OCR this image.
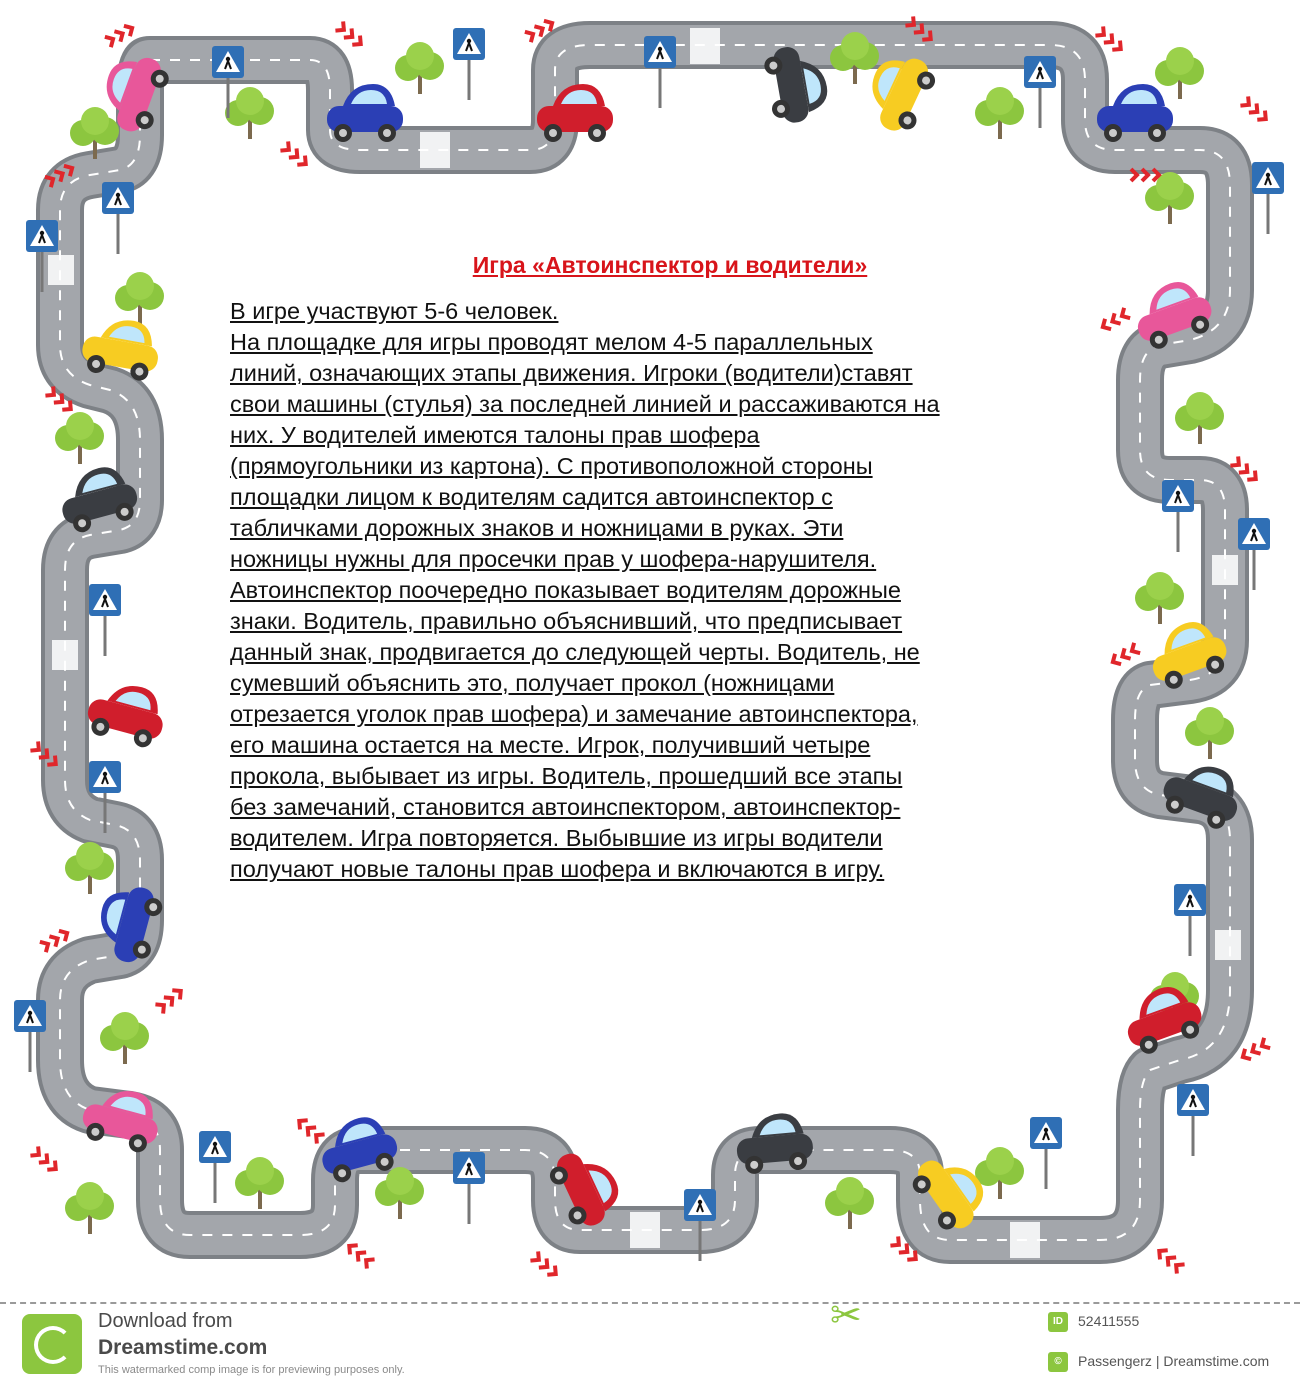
Игра «Автоинспектор и водители»
В игре участвуют 5-6 человек.
На площадке для игры проводят мелом 4-5 параллельных
линий, означающих этапы движения. Игроки (водители)ставят
свои машины (стулья) за последней линией и рассаживаются на
них. У водителей имеются талоны прав шофера
(прямоугольники из картона). С противоположной стороны
площадки лицом к водителям садится автоинспектор с
табличками дорожных знаков и ножницами в руках. Эти
ножницы нужны для просечки прав у шофера-нарушителя.
Автоинспектор поочередно показывает водителям дорожные
знаки. Водитель, правильно объяснивший, что предписывает
данный знак, продвигается до следующей черты. Водитель, не
сумевший объяснить это, получает прокол (ножницами
отрезается уголок прав шофера) и замечание автоинспектора,
его машина остается на месте. Игрок, получивший четыре
прокола, выбывает из игры. Водитель, прошедший все этапы
без замечаний, становится автоинспектором, автоинспектор-
водителем. Игра повторяется. Выбывшие из игры водители
получают новые талоны прав шофера и включаются в игру.
✂
Download from
Dreamstime.com
This watermarked comp image is for previewing purposes only.
ID	52411555
©	Passengerz | Dreamstime.com
